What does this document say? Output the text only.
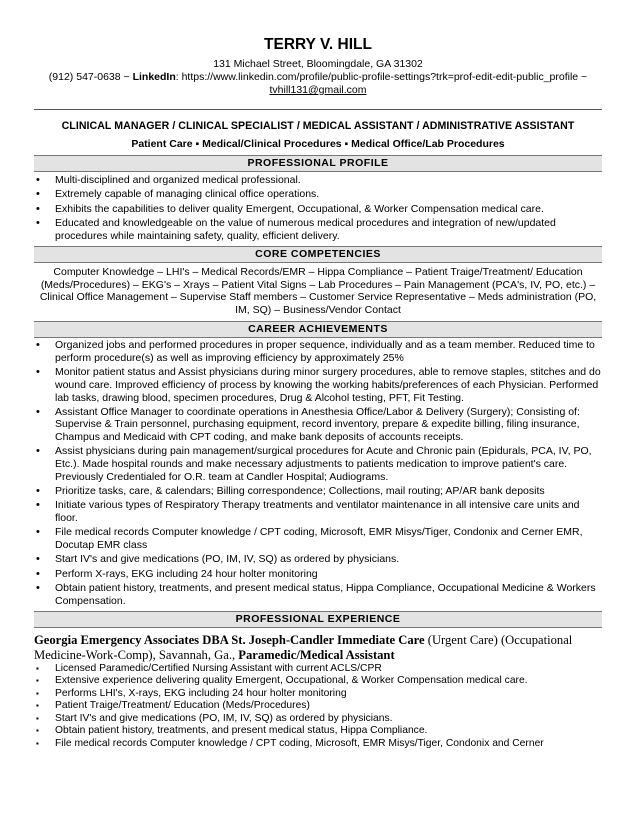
TERRY V. HILL
131 Michael Street, Bloomingdale, GA 31302
(912) 547-0638 ~ LinkedIn: https://www.linkedin.com/profile/public-profile-settings?trk=prof-edit-edit-public_profile ~ tvhill131@gmail.com
CLINICAL MANAGER / CLINICAL SPECIALIST / MEDICAL ASSISTANT / ADMINISTRATIVE ASSISTANT
Patient Care ▪ Medical/Clinical Procedures ▪ Medical Office/Lab Procedures
PROFESSIONAL PROFILE
• Multi-disciplined and organized medical professional.
• Extremely capable of managing clinical office operations.
• Exhibits the capabilities to deliver quality Emergent, Occupational, & Worker Compensation medical care.
• Educated and knowledgeable on the value of numerous medical procedures and integration of new/updated procedures while maintaining safety, quality, efficient delivery.
CORE COMPETENCIES
Computer Knowledge – LHI's – Medical Records/EMR – Hippa Compliance – Patient Traige/Treatment/ Education (Meds/Procedures) – EKG's – Xrays – Patient Vital Signs – Lab Procedures – Pain Management (PCA's, IV, PO, etc.) – Clinical Office Management – Supervise Staff members – Customer Service Representative – Meds administration (PO, IM, SQ) – Business/Vendor Contact
CAREER ACHIEVEMENTS
• Organized jobs and performed procedures in proper sequence, individually and as a team member. Reduced time to perform procedure(s) as well as improving efficiency by approximately 25%
• Monitor patient status and Assist physicians during minor surgery procedures, able to remove staples, stitches and do wound care. Improved efficiency of process by knowing the working habits/preferences of each Physician. Performed lab tasks, drawing blood, specimen procedures, Drug & Alcohol testing, PFT, Fit Testing.
• Assistant Office Manager to coordinate operations in Anesthesia Office/Labor & Delivery (Surgery); Consisting of: Supervise & Train personnel, purchasing equipment, record inventory, prepare & expedite billing, filing insurance, Champus and Medicaid with CPT coding, and make bank deposits of accounts receipts.
• Assist physicians during pain management/surgical procedures for Acute and Chronic pain (Epidurals, PCA, IV, PO, Etc.). Made hospital rounds and make necessary adjustments to patients medication to improve patient's care. Previously Credentialed for O.R. team at Candler Hospital; Audiograms.
• Prioritize tasks, care, & calendars; Billing correspondence; Collections, mail routing; AP/AR bank deposits
• Initiate various types of Respiratory Therapy treatments and ventilator maintenance in all intensive care units and floor.
• File medical records Computer knowledge / CPT coding, Microsoft, EMR Misys/Tiger, Condonix and Cerner EMR, Docutap EMR class
• Start IV's and give medications (PO, IM, IV, SQ) as ordered by physicians.
• Perform X-rays, EKG including 24 hour holter monitoring
• Obtain patient history, treatments, and present medical status, Hippa Compliance, Occupational Medicine & Workers Compensation.
PROFESSIONAL EXPERIENCE
Georgia Emergency Associates DBA St. Joseph-Candler Immediate Care (Urgent Care) (Occupational Medicine-Work-Comp), Savannah, Ga., Paramedic/Medical Assistant
▪ Licensed Paramedic/Certified Nursing Assistant with current ACLS/CPR
▪ Extensive experience delivering quality Emergent, Occupational, & Worker Compensation medical care.
▪ Performs LHI's, X-rays, EKG including 24 hour holter monitoring
▪ Patient Traige/Treatment/ Education (Meds/Procedures)
▪ Start IV's and give medications (PO, IM, IV, SQ) as ordered by physicians.
▪ Obtain patient history, treatments, and present medical status, Hippa Compliance.
▪ File medical records Computer knowledge / CPT coding, Microsoft, EMR Misys/Tiger, Condonix and Cerner
